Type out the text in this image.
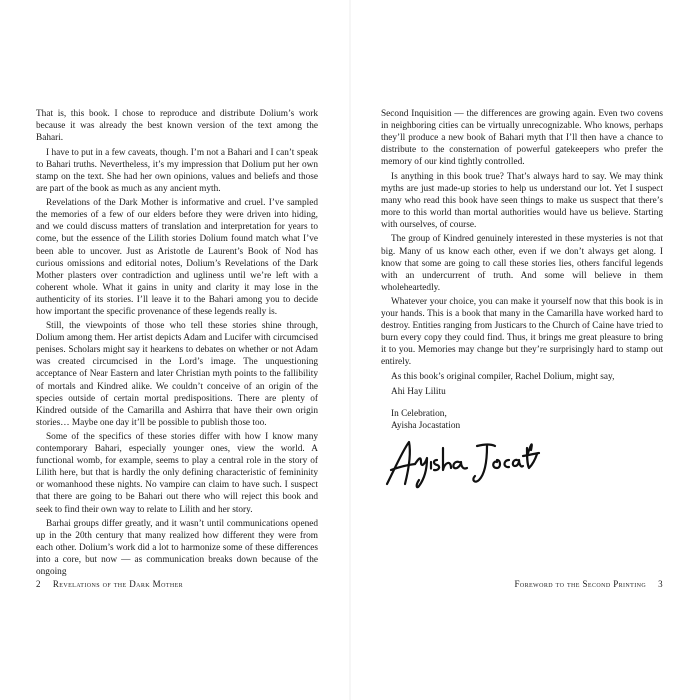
That is, this book. I chose to reproduce and distribute Dolium’s work because it was already the best known version of the text among the Bahari.

I have to put in a few caveats, though. I’m not a Bahari and I can’t speak to Bahari truths. Nevertheless, it’s my impression that Dolium put her own stamp on the text. She had her own opinions, values and beliefs and those are part of the book as much as any ancient myth.

Revelations of the Dark Mother is informative and cruel. I’ve sampled the memories of a few of our elders before they were driven into hiding, and we could discuss matters of translation and interpretation for years to come, but the essence of the Lilith stories Dolium found match what I’ve been able to uncover. Just as Aristotle de Laurent’s Book of Nod has curious omissions and editorial notes, Dolium’s Revelations of the Dark Mother plasters over contradiction and ugliness until we’re left with a coherent whole. What it gains in unity and clarity it may lose in the authenticity of its stories. I’ll leave it to the Bahari among you to decide how important the specific provenance of these legends really is.

Still, the viewpoints of those who tell these stories shine through, Dolium among them. Her artist depicts Adam and Lucifer with circumcised penises. Scholars might say it hearkens to debates on whether or not Adam was created circumcised in the Lord’s image. The unquestioning acceptance of Near Eastern and later Christian myth points to the fallibility of mortals and Kindred alike. We couldn’t conceive of an origin of the species outside of certain mortal predispositions. There are plenty of Kindred outside of the Camarilla and Ashirra that have their own origin stories… Maybe one day it’ll be possible to publish those too.

Some of the specifics of these stories differ with how I know many contemporary Bahari, especially younger ones, view the world. A functional womb, for example, seems to play a central role in the story of Lilith here, but that is hardly the only defining characteristic of femininity or womanhood these nights. No vampire can claim to have such. I suspect that there are going to be Bahari out there who will reject this book and seek to find their own way to relate to Lilith and her story.

Barhai groups differ greatly, and it wasn’t until communications opened up in the 20th century that many realized how different they were from each other. Dolium’s work did a lot to harmonize some of these differences into a core, but now — as communication breaks down because of the ongoing

2 Revelations of the Dark Mother

Second Inquisition — the differences are growing again. Even two covens in neighboring cities can be virtually unrecognizable. Who knows, perhaps they’ll produce a new book of Bahari myth that I’ll then have a chance to distribute to the consternation of powerful gatekeepers who prefer the memory of our kind tightly controlled.

Is anything in this book true? That’s always hard to say. We may think myths are just made-up stories to help us understand our lot. Yet I suspect many who read this book have seen things to make us suspect that there’s more to this world than mortal authorities would have us believe. Starting with ourselves, of course.

The group of Kindred genuinely interested in these mysteries is not that big. Many of us know each other, even if we don’t always get along. I know that some are going to call these stories lies, others fanciful legends with an undercurrent of truth. And some will believe in them wholeheartedly.

Whatever your choice, you can make it yourself now that this book is in your hands. This is a book that many in the Camarilla have worked hard to destroy. Entities ranging from Justicars to the Church of Caine have tried to burn every copy they could find. Thus, it brings me great pleasure to bring it to you. Memories may change but they’re surprisingly hard to stamp out entirely.

As this book’s original compiler, Rachel Dolium, might say,

Ahi Hay Lilitu

In Celebration,

Ayisha Jocastation

Foreword to the Second Printing 3
